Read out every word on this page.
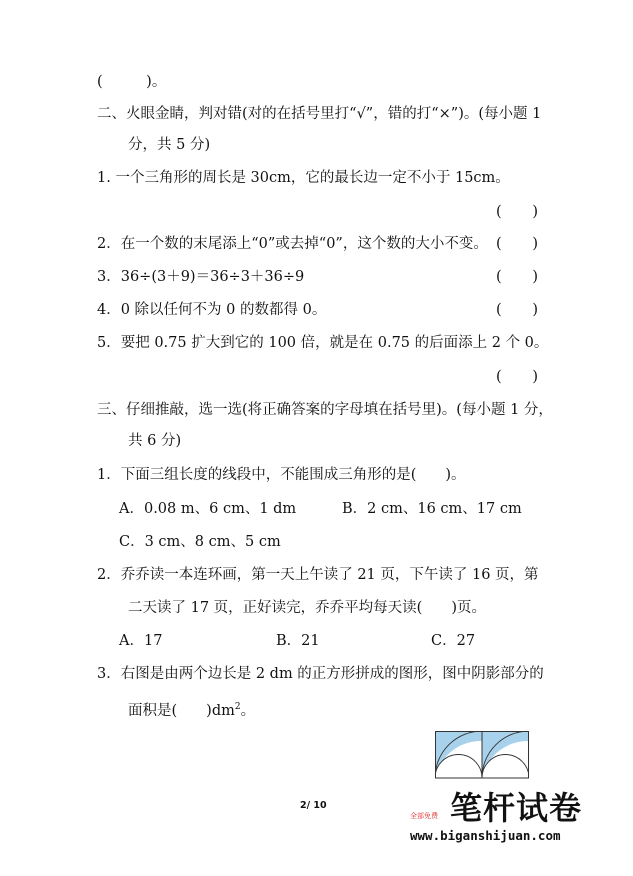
(　　　)。
二、火眼金睛，判对错(对的在括号里打“√”，错的打“×”)。(每小题 1
分，共 5 分)
1. 一个三角形的周长是 30cm，它的最长边一定不小于 15cm。
( )
2．在一个数的末尾添上“0”或去掉“0”，这个数的大小不变。 ( )
3．36÷(3＋9)＝36÷3＋36÷9	( )
4．0 除以任何不为 0 的数都得 0。	( )
5．要把 0.75 扩大到它的 100 倍，就是在 0.75 的后面添上 2 个 0。
( )
三、仔细推敲，选一选(将正确答案的字母填在括号里)。(每小题 1 分，
共 6 分)
1．下面三组长度的线段中，不能围成三角形的是(　　)。
A．0.08 m、6 cm、1 dm	B．2 cm、16 cm、17 cm
C．3 cm、8 cm、5 cm
2．乔乔读一本连环画，第一天上午读了 21 页，下午读了 16 页，第
二天读了 17 页，正好读完，乔乔平均每天读(　　)页。
A．17	B．21	C．27
3．右图是由两个边长是 2 dm 的正方形拼成的图形，图中阴影部分的
面积是(　　)$dm^2$。
2/ 10
全部免费 笔杆试卷
www.biganshijuan.com
